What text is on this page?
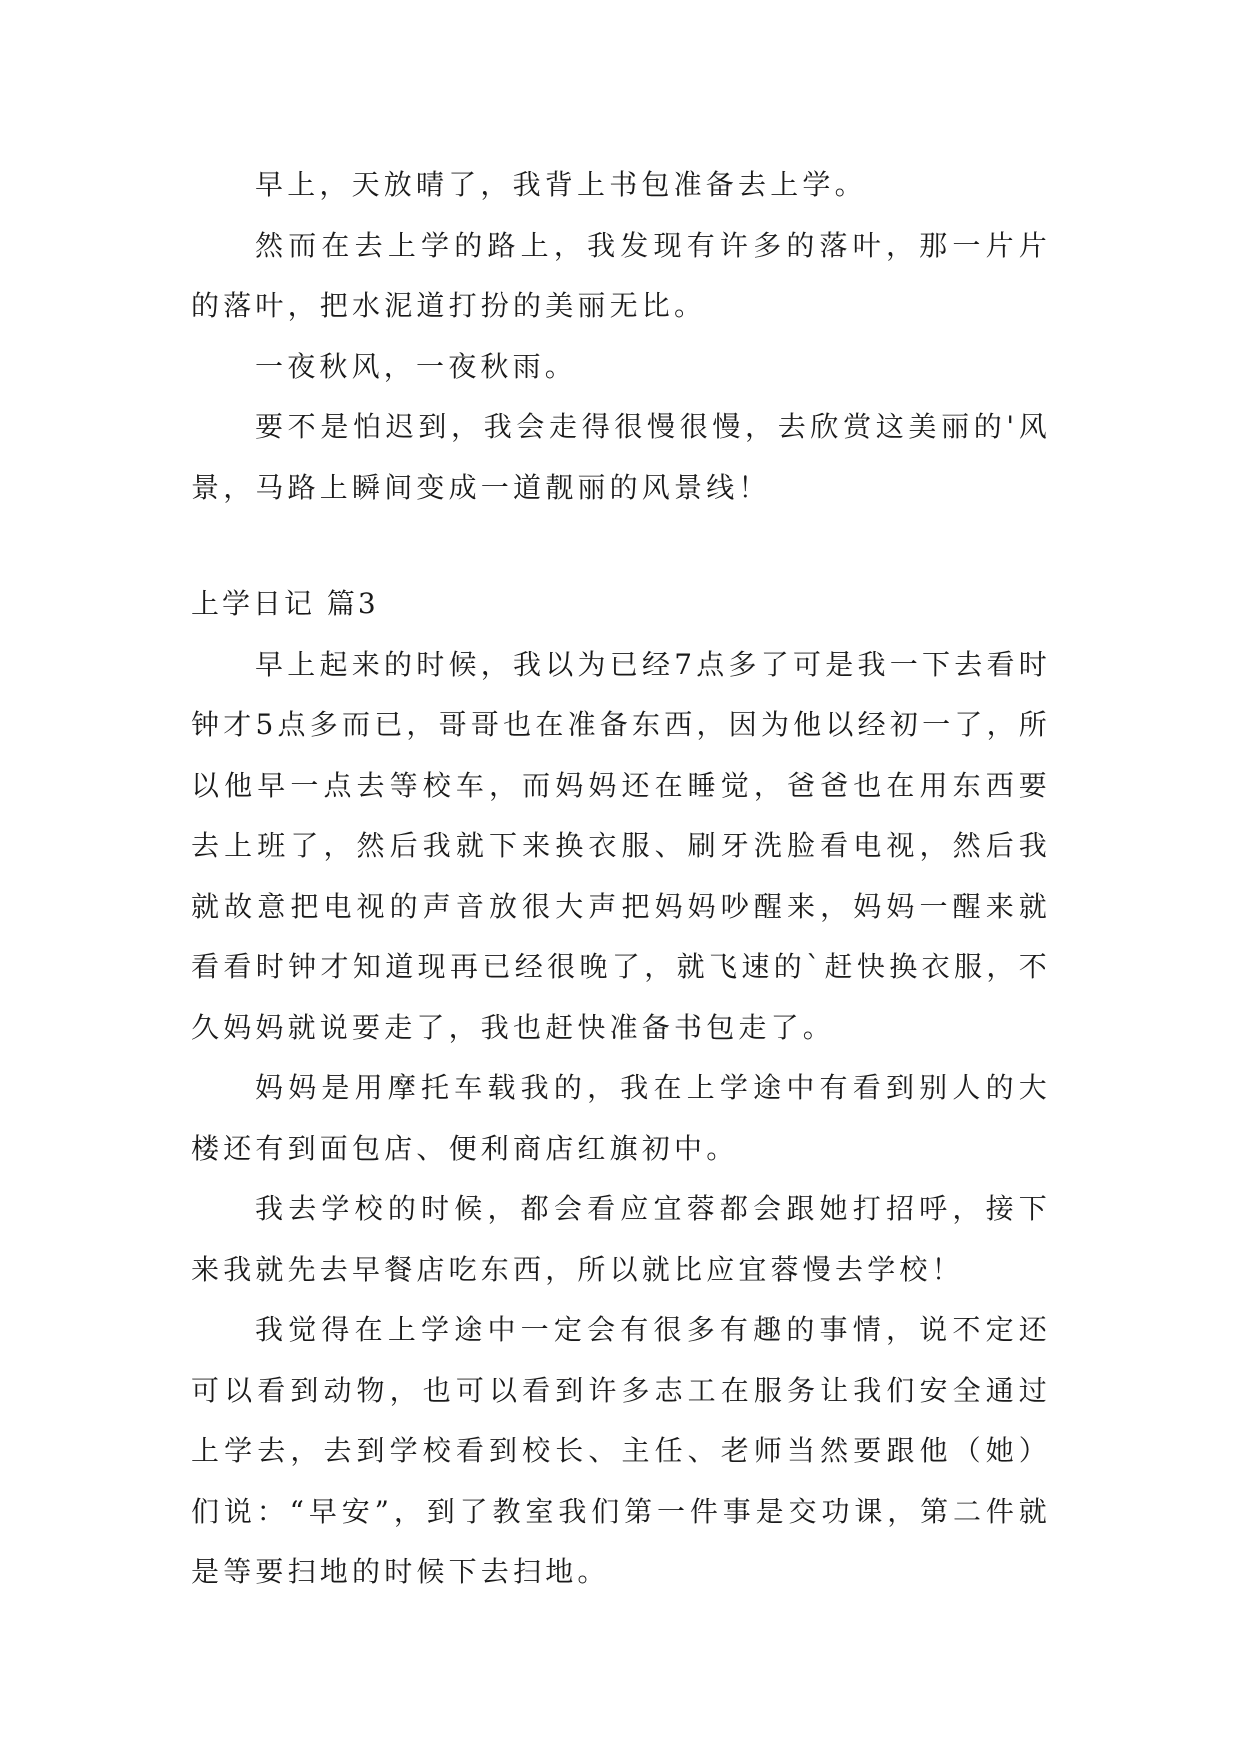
早上，天放晴了，我背上书包准备去上学。

然而在去上学的路上，我发现有许多的落叶，那一片片的落叶，把水泥道打扮的美丽无比。

一夜秋风，一夜秋雨。

要不是怕迟到，我会走得很慢很慢，去欣赏这美丽的'风景，马路上瞬间变成一道靓丽的风景线！

上学日记 篇3

早上起来的时候，我以为已经7点多了可是我一下去看时钟才5点多而已，哥哥也在准备东西，因为他以经初一了，所以他早一点去等校车，而妈妈还在睡觉，爸爸也在用东西要去上班了，然后我就下来换衣服、刷牙洗脸看电视，然后我就故意把电视的声音放很大声把妈妈吵醒来，妈妈一醒来就看看时钟才知道现再已经很晚了，就飞速的`赶快换衣服，不久妈妈就说要走了，我也赶快准备书包走了。

妈妈是用摩托车载我的，我在上学途中有看到别人的大楼还有到面包店、便利商店红旗初中。

我去学校的时候，都会看应宜蓉都会跟她打招呼，接下来我就先去早餐店吃东西，所以就比应宜蓉慢去学校！

我觉得在上学途中一定会有很多有趣的事情，说不定还可以看到动物，也可以看到许多志工在服务让我们安全通过上学去，去到学校看到校长、主任、老师当然要跟他（她）们说：“早安”，到了教室我们第一件事是交功课，第二件就是等要扫地的时候下去扫地。
